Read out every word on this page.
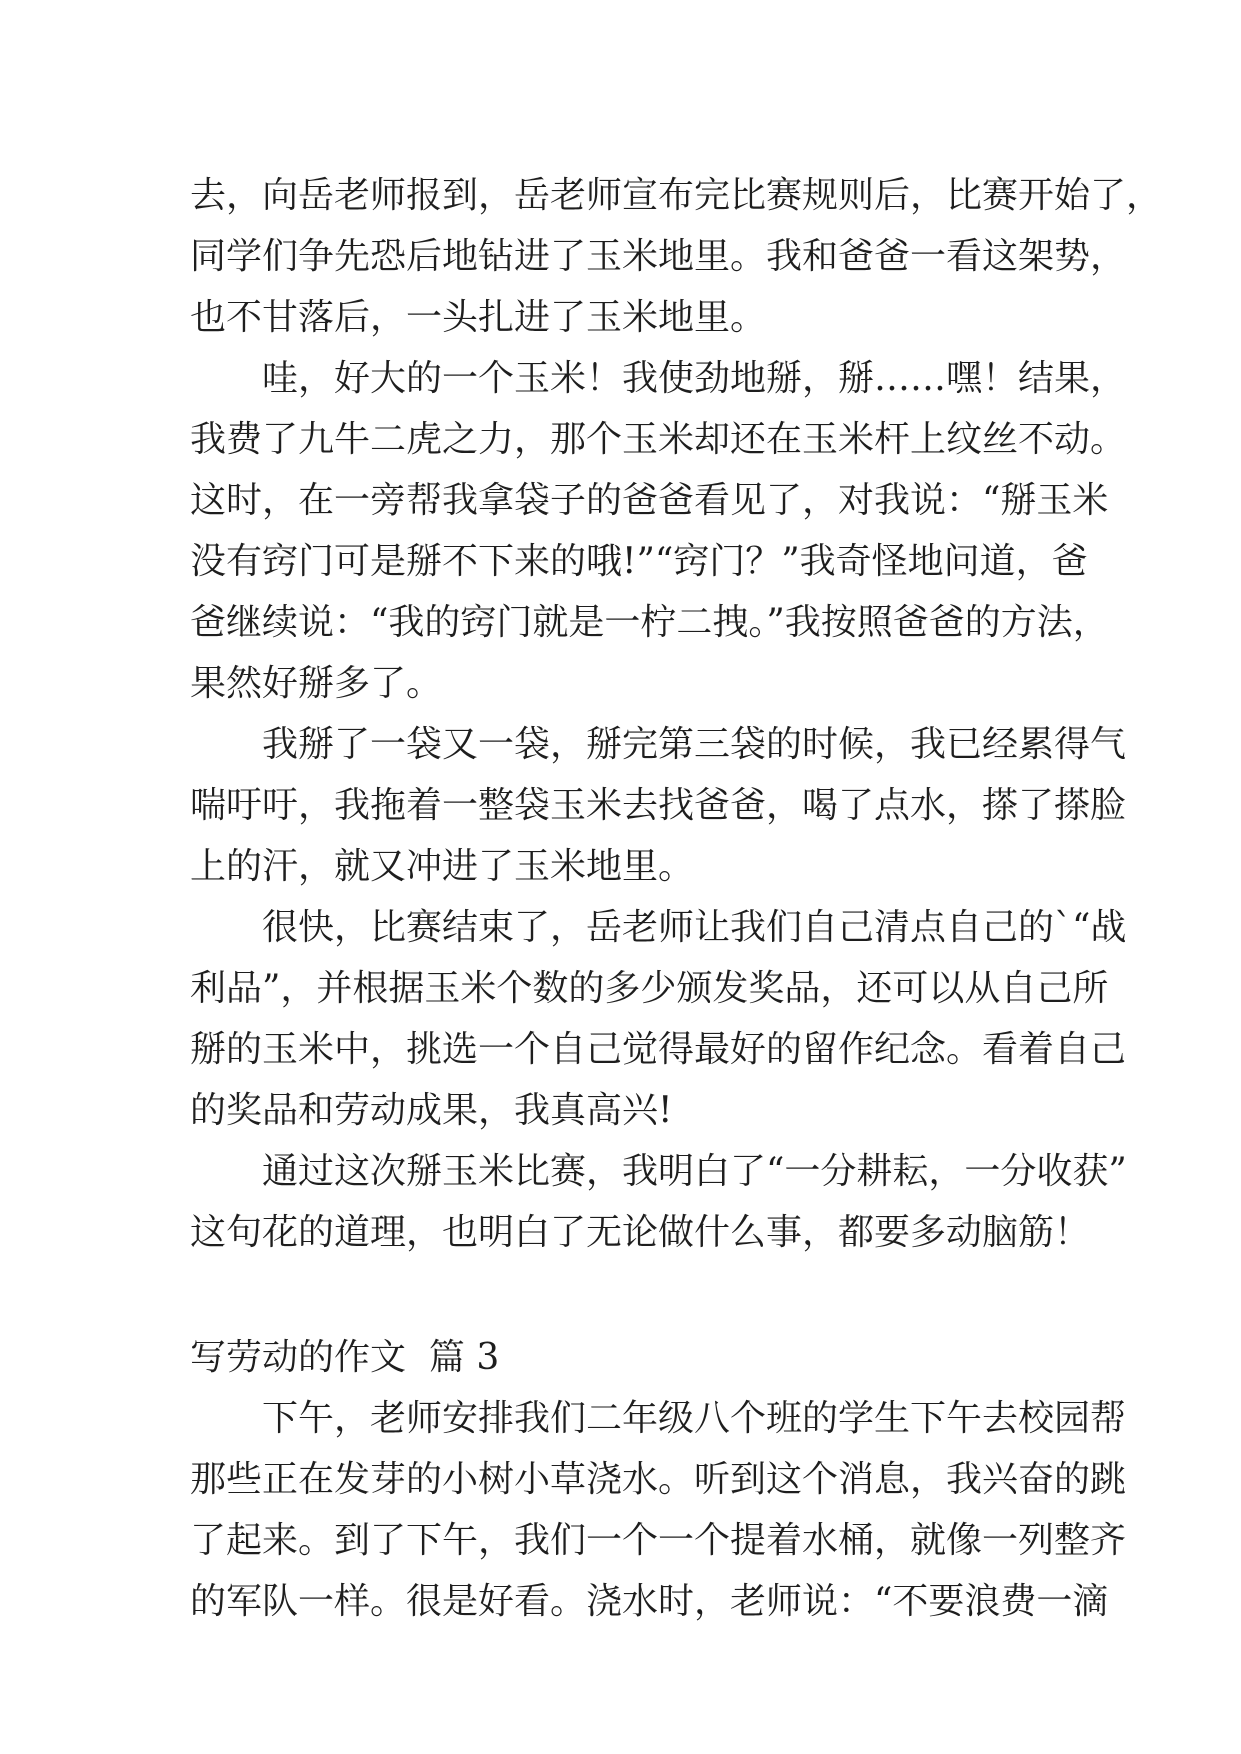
去，向岳老师报到，岳老师宣布完比赛规则后，比赛开始了，
同学们争先恐后地钻进了玉米地里。我和爸爸一看这架势，
也不甘落后，一头扎进了玉米地里。
哇，好大的一个玉米！我使劲地掰，掰……嘿！结果，
我费了九牛二虎之力，那个玉米却还在玉米杆上纹丝不动。
这时，在一旁帮我拿袋子的爸爸看见了，对我说：“掰玉米
没有窍门可是掰不下来的哦!”“窍门？”我奇怪地问道，爸
爸继续说：“我的窍门就是一柠二拽。”我按照爸爸的方法，
果然好掰多了。
我掰了一袋又一袋，掰完第三袋的时候，我已经累得气
喘吁吁，我拖着一整袋玉米去找爸爸，喝了点水，搽了搽脸
上的汗，就又冲进了玉米地里。
很快，比赛结束了，岳老师让我们自己清点自己的`“战
利品”，并根据玉米个数的多少颁发奖品，还可以从自己所
掰的玉米中，挑选一个自己觉得最好的留作纪念。看着自己
的奖品和劳动成果，我真高兴!
通过这次掰玉米比赛，我明白了“一分耕耘，一分收获”
这句花的道理，也明白了无论做什么事，都要多动脑筋！
写劳动的作文  篇 3
下午，老师安排我们二年级八个班的学生下午去校园帮
那些正在发芽的小树小草浇水。听到这个消息，我兴奋的跳
了起来。到了下午，我们一个一个提着水桶，就像一列整齐
的军队一样。很是好看。浇水时，老师说：“不要浪费一滴
